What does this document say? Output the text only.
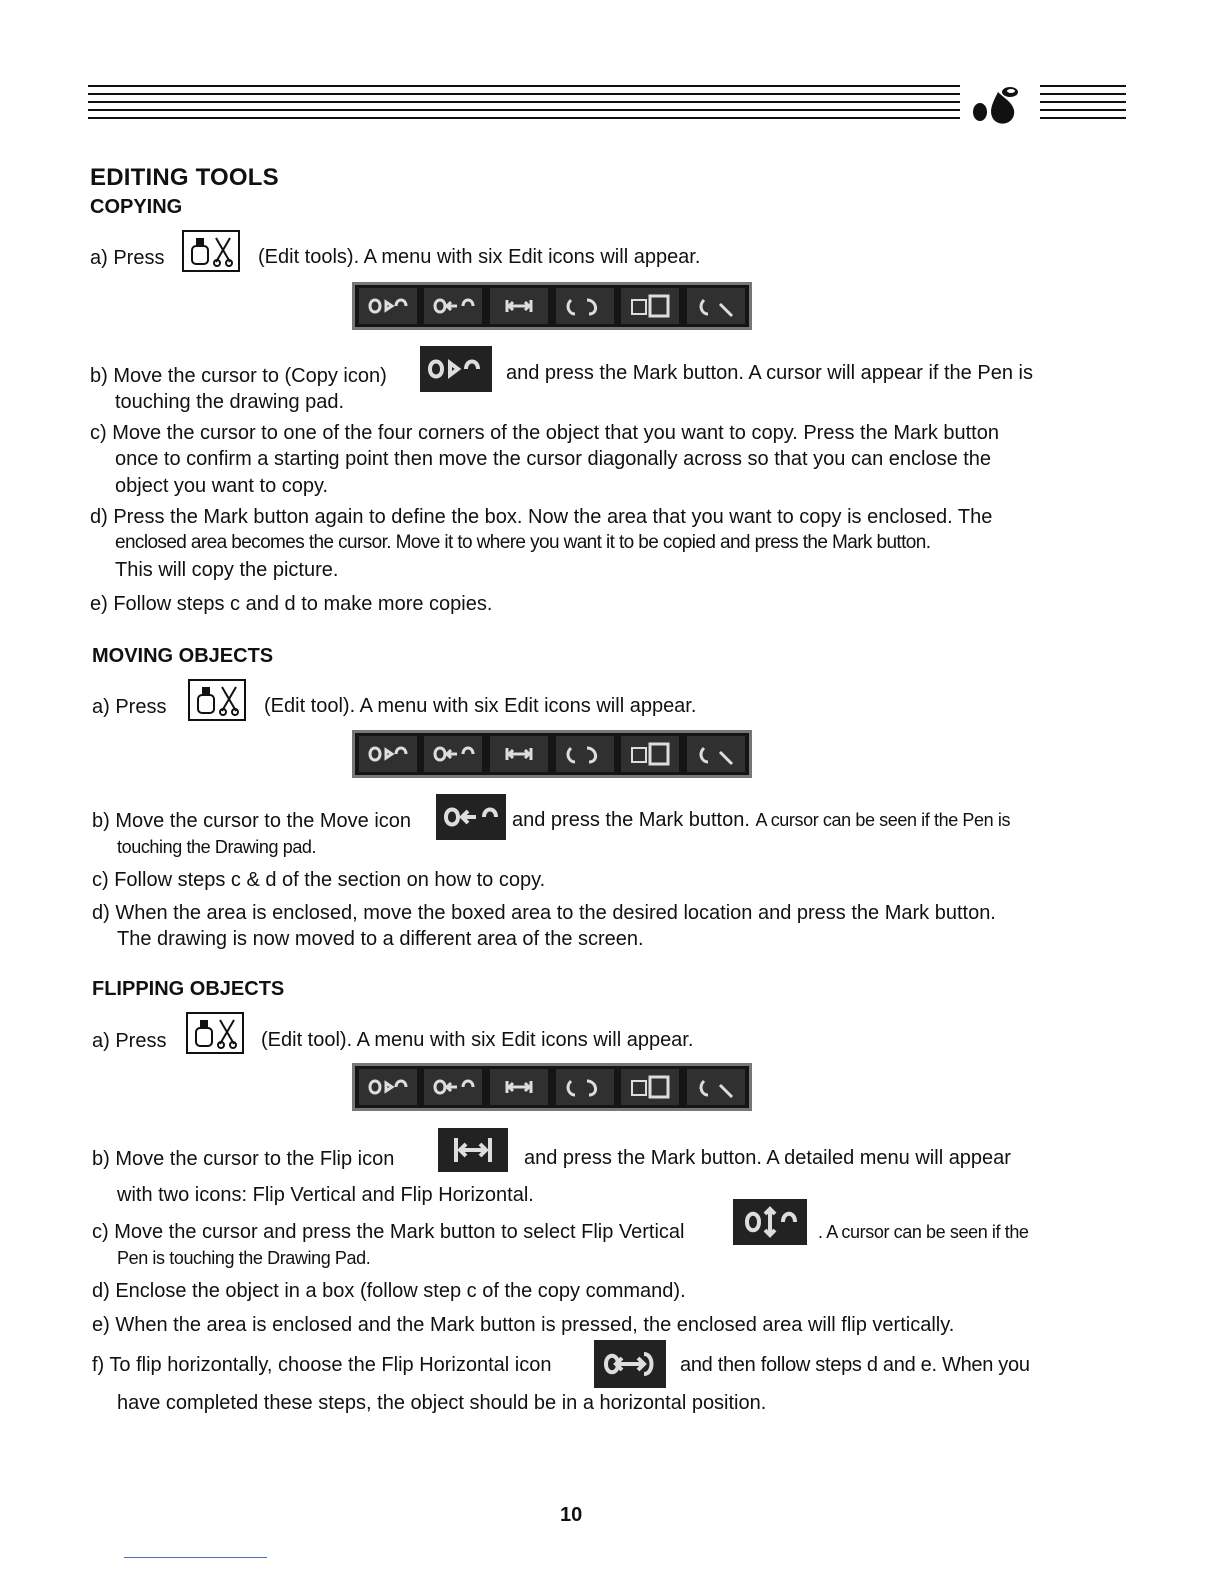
EDITING TOOLS
COPYING
a) Press	(Edit tools). A menu with six Edit icons will appear.
b) Move the cursor to (Copy icon)	and press the Mark button. A cursor will appear if the Pen is
touching the drawing pad.
c) Move the cursor to one of the four corners of the object that you want to copy. Press the Mark button
once to confirm a starting point then move the cursor diagonally across so that you can enclose the
object you want to copy.
d) Press the Mark button again to define the box. Now the area that you want to copy is enclosed. The
enclosed area becomes the cursor. Move it to where you want it to be copied and press the Mark button.
This will copy the picture.
e) Follow steps c and d to make more copies.
MOVING OBJECTS
a) Press	(Edit tool). A menu with six Edit icons will appear.
b) Move the cursor to the Move icon	and press the Mark button. A cursor can be seen if the Pen is
touching the Drawing pad.
c) Follow steps c & d of the section on how to copy.
d) When the area is enclosed, move the boxed area to the desired location and press the Mark button.
The drawing is now moved to a different area of the screen.
FLIPPING OBJECTS
a) Press	(Edit tool). A menu with six Edit icons will appear.
b) Move the cursor to the Flip icon	and press the Mark button. A detailed menu will appear
with two icons: Flip Vertical and Flip Horizontal.
c) Move the cursor and press the Mark button to select Flip Vertical	. A cursor can be seen if the
Pen is touching the Drawing Pad.
d) Enclose the object in a box (follow step c of the copy command).
e) When the area is enclosed and the Mark button is pressed, the enclosed area will flip vertically.
f) To flip horizontally, choose the Flip Horizontal icon	and then follow steps d and e. When you
have completed these steps, the object should be in a horizontal position.
10
